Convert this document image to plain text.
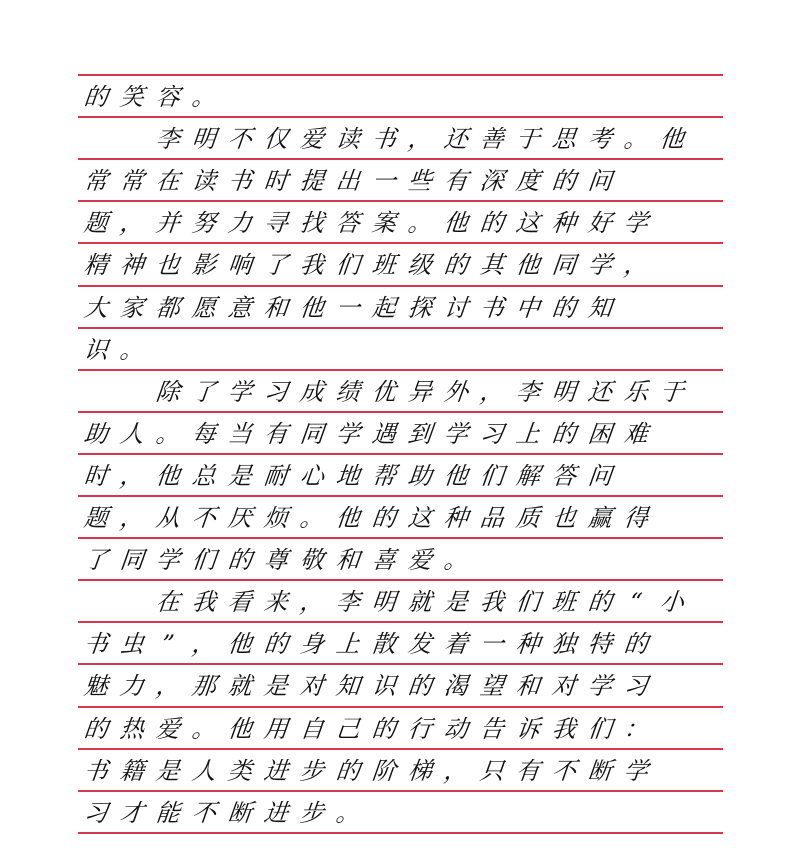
的 笑 容 。

李 明 不 仅 爱 读 书 ， 还 善 于 思 考 。 他
常 常 在 读 书 时 提 出 一 些 有 深 度 的 问
题 ， 并 努 力 寻 找 答 案 。 他 的 这 种 好 学
精 神 也 影 响 了 我 们 班 级 的 其 他 同 学 ，
大 家 都 愿 意 和 他 一 起 探 讨 书 中 的 知
识 。

除 了 学 习 成 绩 优 异 外 ， 李 明 还 乐 于
助 人 。 每 当 有 同 学 遇 到 学 习 上 的 困 难
时 ， 他 总 是 耐 心 地 帮 助 他 们 解 答 问
题 ， 从 不 厌 烦 。 他 的 这 种 品 质 也 赢 得
了 同 学 们 的 尊 敬 和 喜 爱 。

在 我 看 来 ， 李 明 就 是 我 们 班 的 “ 小
书 虫 ” ， 他 的 身 上 散 发 着 一 种 独 特 的
魅 力 ， 那 就 是 对 知 识 的 渴 望 和 对 学 习
的 热 爱 。 他 用 自 己 的 行 动 告 诉 我 们 ：
书 籍 是 人 类 进 步 的 阶 梯 ， 只 有 不 断 学
习 才 能 不 断 进 步 。
